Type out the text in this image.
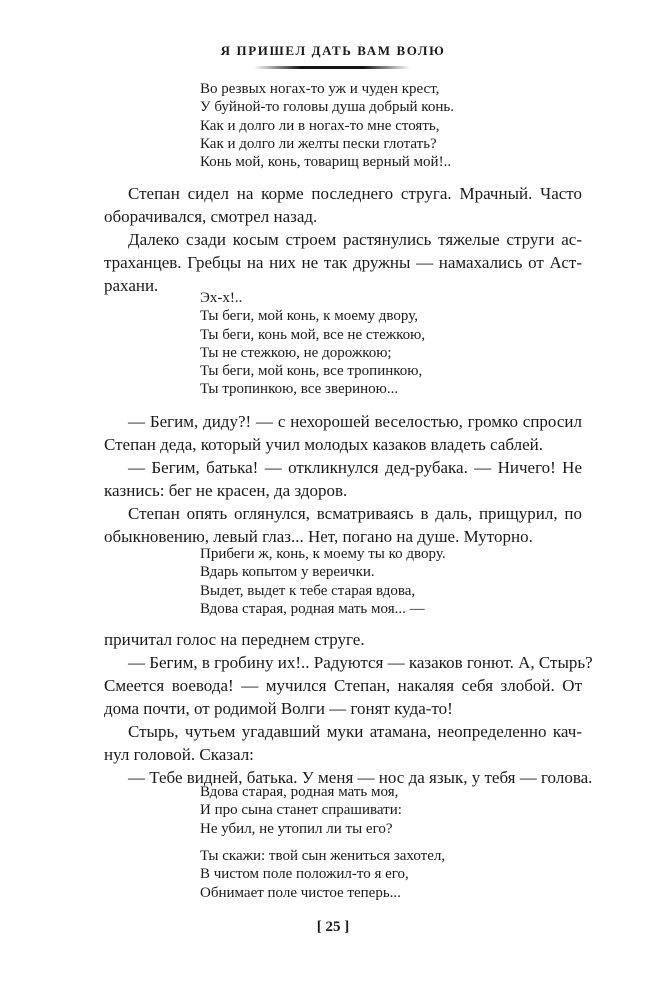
Я ПРИШЕЛ ДАТЬ ВАМ ВОЛЮ
Во резвых ногах-то уж и чуден крест,
У буйной-то головы душа добрый конь.
Как и долго ли в ногах-то мне стоять,
Как и долго ли желты пески глотать?
Конь мой, конь, товарищ верный мой!..
Степан сидел на корме последнего струга. Мрачный. Часто
оборачивался, смотрел назад.
Далеко сзади косым строем растянулись тяжелые струги ас-
траханцев. Гребцы на них не так дружны — намахались от Аст-
рахани.
Эх-х!..
Ты беги, мой конь, к моему двору,
Ты беги, конь мой, все не стежкою,
Ты не стежкою, не дорожкою;
Ты беги, мой конь, все тропинкою,
Ты тропинкою, все звериною...
— Бегим, диду?! — с нехорошей веселостью, громко спросил
Степан деда, который учил молодых казаков владеть саблей.
— Бегим, батька! — откликнулся дед-рубака. — Ничего! Не
казнись: бег не красен, да здоров.
Степан опять оглянулся, всматриваясь в даль, прищурил, по
обыкновению, левый глаз... Нет, погано на душе. Муторно.
Прибеги ж, конь, к моему ты ко двору.
Вдарь копытом у вереички.
Выдет, выдет к тебе старая вдова,
Вдова старая, родная мать моя... —
причитал голос на переднем струге.
— Бегим, в гробину их!.. Радуются — казаков гонют. А, Стырь?
Смеется воевода! — мучился Степан, накаляя себя злобой. От
дома почти, от родимой Волги — гонят куда-то!
Стырь, чутьем угадавший муки атамана, неопределенно кач-
нул головой. Сказал:
— Тебе видней, батька. У меня — нос да язык, у тебя — голова.
Вдова старая, родная мать моя,
И про сына станет спрашивати:
Не убил, не утопил ли ты его?
Ты скажи: твой сын жениться захотел,
В чистом поле положил-то я его,
Обнимает поле чистое теперь...
[ 25 ]
